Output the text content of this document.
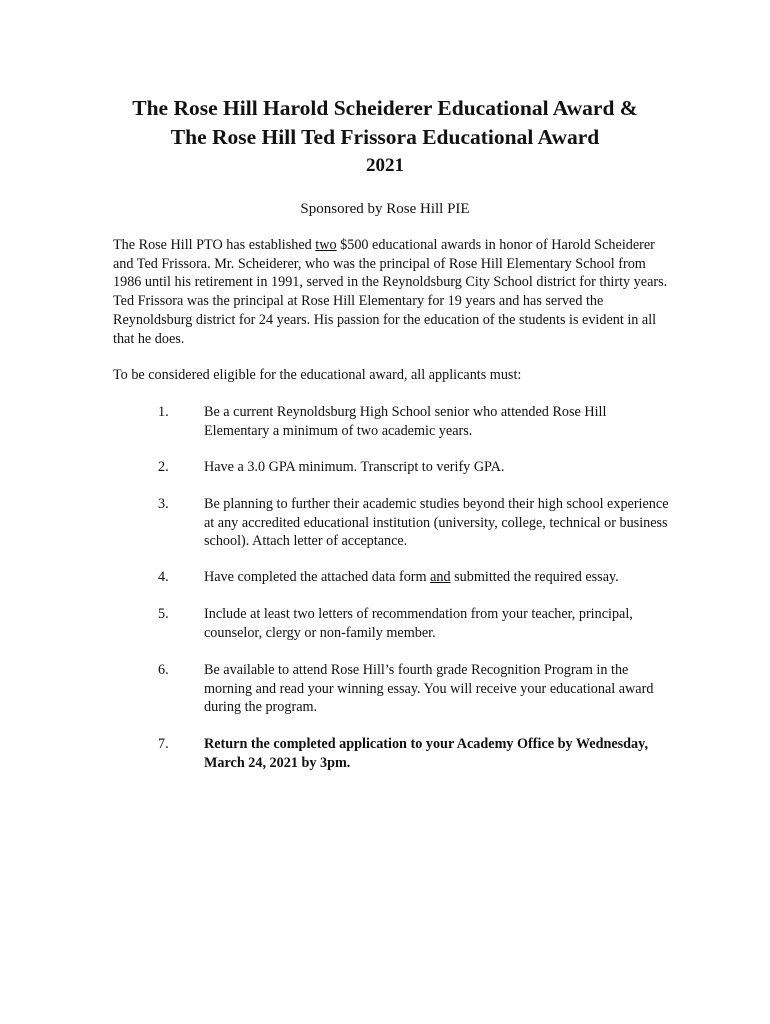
The Rose Hill Harold Scheiderer Educational Award &
The Rose Hill Ted Frissora Educational Award
2021
Sponsored by Rose Hill PIE

The Rose Hill PTO has established two $500 educational awards in honor of Harold Scheiderer and Ted Frissora. Mr. Scheiderer, who was the principal of Rose Hill Elementary School from 1986 until his retirement in 1991, served in the Reynoldsburg City School district for thirty years. Ted Frissora was the principal at Rose Hill Elementary for 19 years and has served the Reynoldsburg district for 24 years. His passion for the education of the students is evident in all that he does.

To be considered eligible for the educational award, all applicants must:

1. Be a current Reynoldsburg High School senior who attended Rose Hill Elementary a minimum of two academic years.
2. Have a 3.0 GPA minimum. Transcript to verify GPA.
3. Be planning to further their academic studies beyond their high school experience at any accredited educational institution (university, college, technical or business school). Attach letter of acceptance.
4. Have completed the attached data form and submitted the required essay.
5. Include at least two letters of recommendation from your teacher, principal, counselor, clergy or non-family member.
6. Be available to attend Rose Hill’s fourth grade Recognition Program in the morning and read your winning essay. You will receive your educational award during the program.
7. Return the completed application to your Academy Office by Wednesday, March 24, 2021 by 3pm.
